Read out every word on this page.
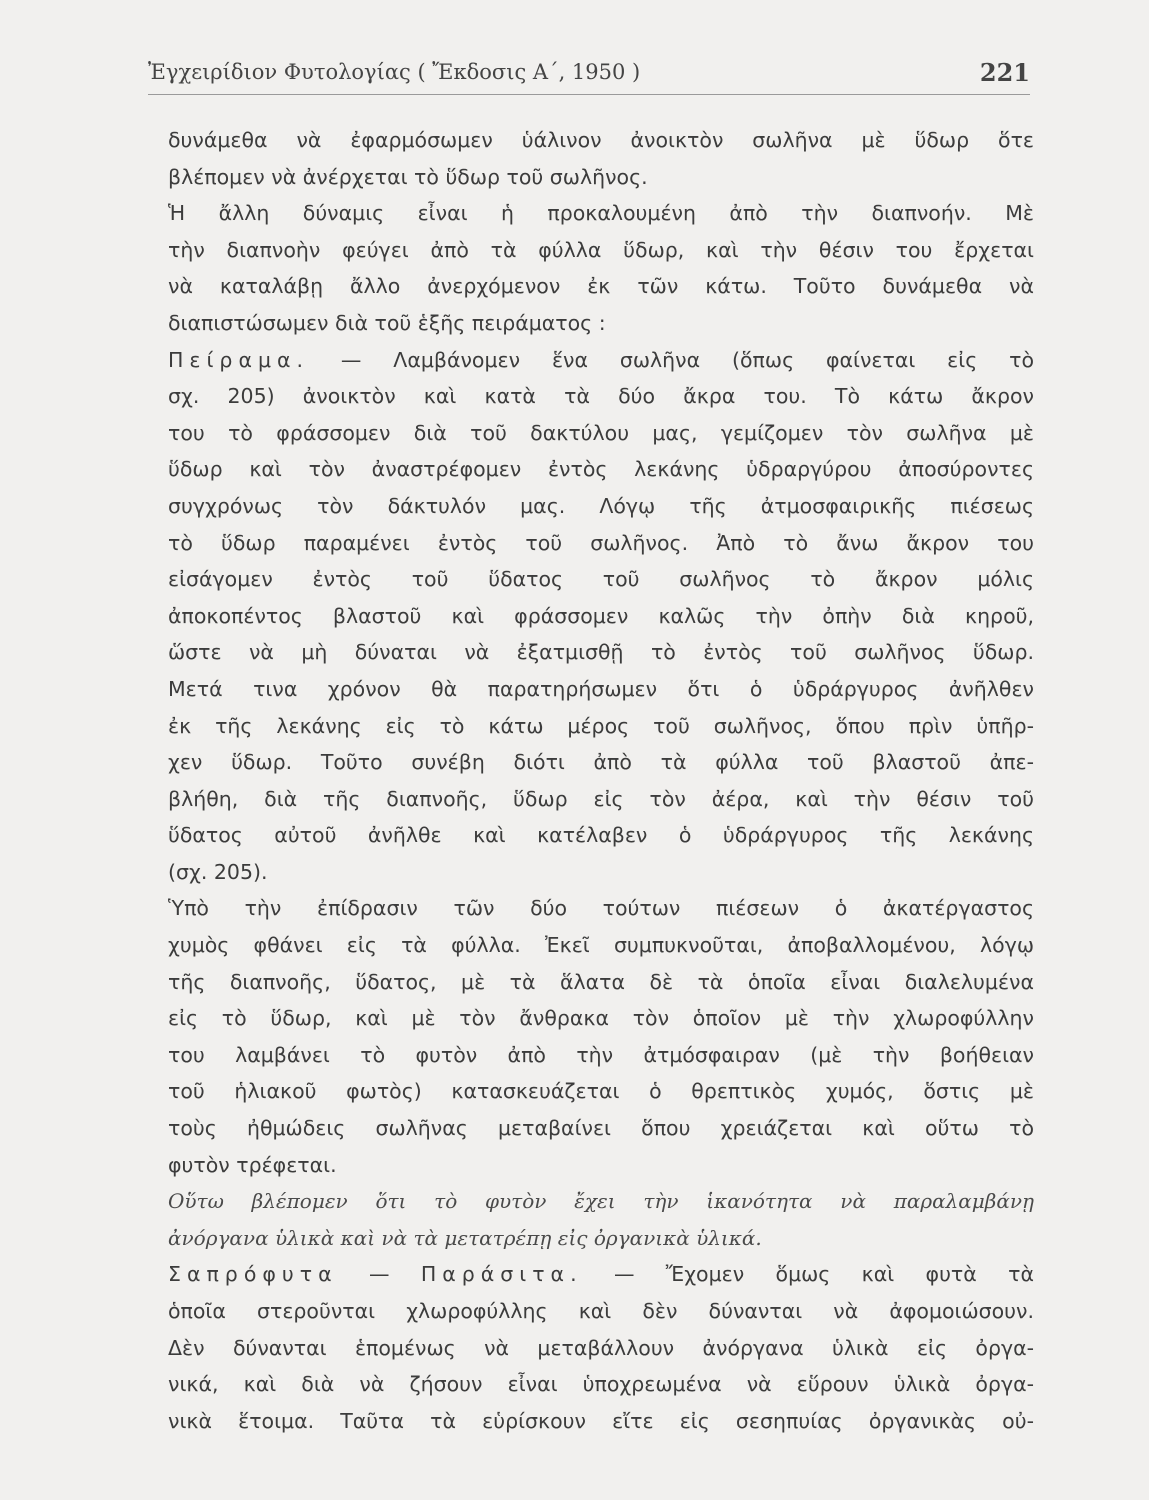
Ἐγχειρίδιον Φυτολογίας ( Ἔκδοσις Α΄, 1950 )	221
δυνάμεθα νὰ ἐφαρμόσωμεν ὑάλινον ἀνοικτὸν σωλῆνα μὲ ὕδωρ ὅτε
βλέπομεν νὰ ἀνέρχεται τὸ ὕδωρ τοῦ σωλῆνος.
Ἡ ἄλλη δύναμις εἶναι ἡ προκαλουμένη ἀπὸ τὴν διαπνοήν. Μὲ
τὴν διαπνοὴν φεύγει ἀπὸ τὰ φύλλα ὕδωρ, καὶ τὴν θέσιν του ἔρχεται
νὰ καταλάβῃ ἄλλο ἀνερχόμενον ἐκ τῶν κάτω. Τοῦτο δυνάμεθα νὰ
διαπιστώσωμεν διὰ τοῦ ἑξῆς πειράματος :
Πείραμα. — Λαμβάνομεν ἕνα σωλῆνα (ὅπως φαίνεται εἰς τὸ
σχ. 205) ἀνοικτὸν καὶ κατὰ τὰ δύο ἄκρα του. Τὸ κάτω ἄκρον
του τὸ φράσσομεν διὰ τοῦ δακτύλου μας, γεμίζομεν τὸν σωλῆνα μὲ
ὕδωρ καὶ τὸν ἀναστρέφομεν ἐντὸς λεκάνης ὑδραργύρου ἀποσύροντες
συγχρόνως τὸν δάκτυλόν μας. Λόγῳ τῆς ἀτμοσφαιρικῆς πιέσεως
τὸ ὕδωρ παραμένει ἐντὸς τοῦ σωλῆνος. Ἀπὸ τὸ ἄνω ἄκρον του
εἰσάγομεν ἐντὸς τοῦ ὕδατος τοῦ σωλῆνος τὸ ἄκρον μόλις
ἀποκοπέντος βλαστοῦ καὶ φράσσομεν καλῶς τὴν ὀπὴν διὰ κηροῦ,
ὥστε νὰ μὴ δύναται νὰ ἐξατμισθῇ τὸ ἐντὸς τοῦ σωλῆνος ὕδωρ.
Μετά τινα χρόνον θὰ παρατηρήσωμεν ὅτι ὁ ὑδράργυρος ἀνῆλθεν
ἐκ τῆς λεκάνης εἰς τὸ κάτω μέρος τοῦ σωλῆνος, ὅπου πρὶν ὑπῆρ-
χεν ὕδωρ. Τοῦτο συνέβη διότι ἀπὸ τὰ φύλλα τοῦ βλαστοῦ ἀπε-
βλήθη, διὰ τῆς διαπνοῆς, ὕδωρ εἰς τὸν ἀέρα, καὶ τὴν θέσιν τοῦ
ὕδατος αὐτοῦ ἀνῆλθε καὶ κατέλαβεν ὁ ὑδράργυρος τῆς λεκάνης
(σχ. 205).
Ὑπὸ τὴν ἐπίδρασιν τῶν δύο τούτων πιέσεων ὁ ἀκατέργαστος
χυμὸς φθάνει εἰς τὰ φύλλα. Ἐκεῖ συμπυκνοῦται, ἀποβαλλομένου, λόγῳ
τῆς διαπνοῆς, ὕδατος, μὲ τὰ ἅλατα δὲ τὰ ὁποῖα εἶναι διαλελυμένα
εἰς τὸ ὕδωρ, καὶ μὲ τὸν ἄνθρακα τὸν ὁποῖον μὲ τὴν χλωροφύλλην
του λαμβάνει τὸ φυτὸν ἀπὸ τὴν ἀτμόσφαιραν (μὲ τὴν βοήθειαν
τοῦ ἡλιακοῦ φωτὸς) κατασκευάζεται ὁ θρεπτικὸς χυμός, ὅστις μὲ
τοὺς ἠθμώδεις σωλῆνας μεταβαίνει ὅπου χρειάζεται καὶ οὕτω τὸ
φυτὸν τρέφεται.
Οὕτω βλέπομεν ὅτι τὸ φυτὸν ἔχει τὴν ἱκανότητα νὰ παραλαμβάνῃ
ἀνόργανα ὑλικὰ καὶ νὰ τὰ μετατρέπῃ εἰς ὀργανικὰ ὑλικά.
Σαπρόφυτα — Παράσιτα. — Ἔχομεν ὅμως καὶ φυτὰ τὰ
ὁποῖα στεροῦνται χλωροφύλλης καὶ δὲν δύνανται νὰ ἀφομοιώσουν.
Δὲν δύνανται ἑπομένως νὰ μεταβάλλουν ἀνόργανα ὑλικὰ εἰς ὀργα-
νικά, καὶ διὰ νὰ ζήσουν εἶναι ὑποχρεωμένα νὰ εὕρουν ὑλικὰ ὀργα-
νικὰ ἕτοιμα. Ταῦτα τὰ εὑρίσκουν εἴτε εἰς σεσηπυίας ὀργανικὰς οὐ-
